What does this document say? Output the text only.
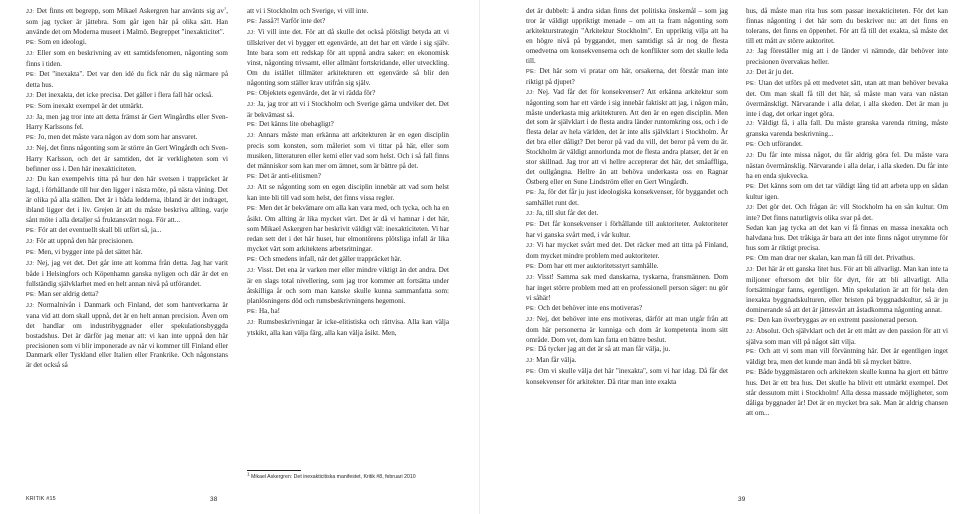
JJ: Det finns ett begrepp, som Mikael Askergren har använts sig $av^1$, som jag tycker är jättebra. Som går igen här på olika sätt. Han använde det om Moderna museet i Malmö. Begreppet "inexakticitet".

PE: Som en ideologi.

JJ: Eller som en beskrivning av ett samtidsfenomen, någonting som finns i tiden.

PE: Det "inexakta". Det var den idé du fick när du såg närmare på detta hus.

JJ: Det inexakta, det icke precisa. Det gäller i flera fall här också.

PE: Som inexakt exempel är det utmärkt.

JJ: Ja, men jag tror inte att detta främst är Gert Wingårdhs eller Sven-Harry Karlssons fel.

PE: Jo, men det måste vara någon av dom som har ansvaret.

JJ: Nej, det finns någonting som är större än Gert Wingårdh och Sven-Harry Karlsson, och det är samtiden, det är verkligheten som vi befinner oss i. Den här inexakticiteten.

JJ: Du kan exempelvis titta på hur den här svetsen i trappräcket är lagd, i förhållande till hur den ligger i nästa möte, på nästa våning. Det är olika på alla ställen. Det är i båda ledderna, ibland är det indraget, ibland ligger det i liv. Grejen är att du måste beskriva allting, varje sånt möte i alla detaljer så fruktansvärt noga. För att...

PE: För att det eventuellt skall bli utfört så, ja...

JJ: För att uppnå den här precisionen.

PE: Men, vi bygger inte på det sättet här.

JJ: Nej, jag vet det. Det går inte att komma från detta. Jag har varit både i Helsingfors och Köpenhamn ganska nyligen och där är det en fullständig självklarhet med en helt annan nivå på utförandet.

PE: Man ser aldrig detta?

JJ: Normalnivån i Danmark och Finland, det som hantverkarna är vana vid att dom skall uppnå, det är en helt annan precision. Även om det handlar om industribyggnader eller spekulationsbyggda bostadshus. Det är därför jag menar att: vi kan inte uppnå den här precisionen som vi blir imponerade av när vi kommer till Finland eller Danmark eller Tyskland eller Italien eller Frankrike. Och någonstans är det också så

att vi i Stockholm och Sverige, vi vill inte.

PE: Jasså?! Varför inte det?

JJ: Vi vill inte det. För att då skulle det också plötsligt betyda att vi tillskriver det vi bygger ett egenvärde, att det har ett värde i sig själv. Inte bara som ett redskap för att uppnå andra saker: en ekonomisk vinst, någonting trivsamt, eller allmänt fortskridande, eller utveckling. Om du istället tillmäter arkitekturen ett egenvärde så blir den någonting som ställer krav utifrån sig själv.

PE: Objektets egenvärde, det är vi rädda för?

JJ: Ja, jag tror att vi i Stockholm och Sverige gärna undviker det. Det är bekvämast så.

PE: Det känns lite obehagligt?

JJ: Annars måste man erkänna att arkitekturen är en egen disciplin precis som konsten, som måleriet som vi tittar på här, eller som musiken, litteraturen eller kemi eller vad som helst. Och i så fall finns det människor som kan mer om ämnet, som är bättre på det.

PE: Det är anti-elitismen?

JJ: Att se någonting som en egen disciplin innebär att vad som helst kan inte bli till vad som helst, det finns vissa regler.

PE: Men det är bekvämare om alla kan vara med, och tycka, och ha en åsikt. Om allting är lika mycket värt. Det är då vi hamnar i det här, som Mikael Askergren har beskrivit väldigt väl: inexakticiteten. Vi har redan sett det i det här huset, hur elmontörens plötsliga infall är lika mycket värt som arkitektens arbetsritningar.

PE: Och smedens infall, när det gäller trappräcket här.

JJ: Visst. Det ena är varken mer eller mindre viktigt än det andra. Det är en slags total nivellering, som jag tror kommer att fortsätta under åtskilliga år och som man kanske skulle kunna sammanfatta som: planlösningens död och rumsbeskrivningens hegemoni.

PE: Ha, ha!

JJ: Rumsbeskrivningar är icke-elitistiska och rättvisa. Alla kan välja ytskikt, alla kan välja färg, alla kan välja åsikt. Men,

$^1$ Mikael Askergren: Det inexakticitiska manifestet, Kritik #8, februari 2010
KRITIK #15	38

det är dubbelt: å andra sidan finns det politiska önskemål – som jag tror är väldigt uppriktigt menade – om att ta fram någonting som arkitekturstrategin "Arkitektur Stockholm". En uppriktig vilja att ha en högre nivå på byggandet, men samtidigt så är nog de flesta omedvetna om konsekvenserna och de konflikter som det skulle leda till.

PE: Det här som vi pratar om här, orsakerna, det förstår man inte riktigt på djupet?

JJ: Nej. Vad får det för konsekvenser? Att erkänna arkitektur som någonting som har ett värde i sig innebär faktiskt att jag, i någon mån, måste underkasta mig arkitekturen. Att den är en egen disciplin. Men det som är självklart i de flesta andra länder runtomkring oss, och i de flesta delar av hela världen, det är inte alls självklart i Stockholm. Är det bra eller dåligt? Det beror på vad du vill, det beror på vem du är. Stockholm är väldigt annorlunda mot de flesta andra platser, det är en stor skillnad. Jag tror att vi hellre accepterar det här, det småaffliga, det oullgångna. Hellre än att behöva underkasta oss en Ragnar Östberg eller en Sune Lindström eller en Gert Wingårdh.

PE: Ja, för det får ju just ideologiska konsekvenser, för byggandet och samhället runt det.

JJ: Ja, till slut får det det.

PE: Det får konsekvenser i förhållande till auktoriteter. Auktoriteter har vi ganska svårt med, i vår kultur.

JJ: Vi har mycket svårt med det. Det räcker med att titta på Finland, dom mycket mindre problem med auktoriteter.

PE: Dom har ett mer auktoritetsstyrt samhälle.

JJ: Visst! Samma sak med danskarna, tyskarna, fransmännen. Dom har inget större problem med att en professionell person säger: nu gör vi såhär!

PE: Och det behöver inte ens motiveras?

JJ: Nej, det behöver inte ens motiveras, därför att man utgår från att dom här personerna är kunniga och dom är kompetenta inom sitt område. Dom vet, dom kan fatta ett bättre beslut.

PE: Då tycker jag att det är så att man får välja, ju.

JJ: Man får välja.

PE: Om vi skulle välja det här "inexakta", som vi har idag. Då får det konsekvenser för arkitekter. Då ritar man inte exakta

hus, då måste man rita hus som passar inexakticiteten. För det kan finnas någonting i det här som du beskriver nu: att det finns en tolerans, det finns en öppenhet. För att få till det exakta, så måste det till ett mått av större auktoritet.

JJ: Jag föreställer mig att i de länder vi nämnde, där behöver inte precisionen övervakas heller.

JJ: Det är ju det.

PE: Utan det utförs på ett medvetet sätt, utan att man behöver bevaka det. Om man skall få till det här, så måste man vara van nästan övermänskligt. Närvarande i alla delar, i alla skeden. Det är man ju inte i dag, det orkar inget göra.

JJ: Väldigt få, i alla fall. Du måste granska varenda ritning, måste granska varenda beskrivning...

PE: Och utförandet.

JJ: Du får inte missa något, du får aldrig göra fel. Du måste vara nästan övermänsklig. Närvarande i alla delar, i alla skeden. Du får inte ha en enda sjukvecka.

PE: Det känns som om det tar väldigt lång tid att arbeta upp en sådan kultur igen.

JJ: Det gör det. Och frågan är: vill Stockholm ha en sån kultur. Om inte? Det finns naturligtvis olika svar på det.

Sedan kan jag tycka att det kan vi få finnas en massa inexakta och halvdana hus. Det tråkiga är bara att det inte finns något utrymme för hus som är riktigt precisa.

PE: Om man drar ner skalan, kan man få till det. Privathus.

JJ: Det här är ett ganska litet hus. För att bli allvarligt. Man kan inte ta miljoner eftersom det blir för dyrt, för att bli allvarligt. Alla fortsättningar fanns, egentligen. Min spekulation är att för hela den inexakta byggnadskulturen, eller bristen på byggnadskultur, så är ju dominerande så att det är jättesvårt att åstadkomma någonting annat.

PE: Den kan överbryggas av en extremt passionerad person.

JJ: Absolut. Och självklart och det är ett mått av den passion för att vi själva som man vill på något sätt vilja.

PE: Och att vi som man vill förväntning här. Det är egentligen inget väldigt bra, men det kunde man ändå bli så mycket bättre.

PE: Både byggmästaren och arkitekten skulle kunna ha gjort ett bättre hus. Det är ett bra hus. Det skulle ha blivit ett utmärkt exempel. Det står dessutom mitt i Stockholm! Alla dessa massade möjligheter, som dåliga byggnader är! Det är en mycket bra sak. Man är aldrig chansen att om...

39
